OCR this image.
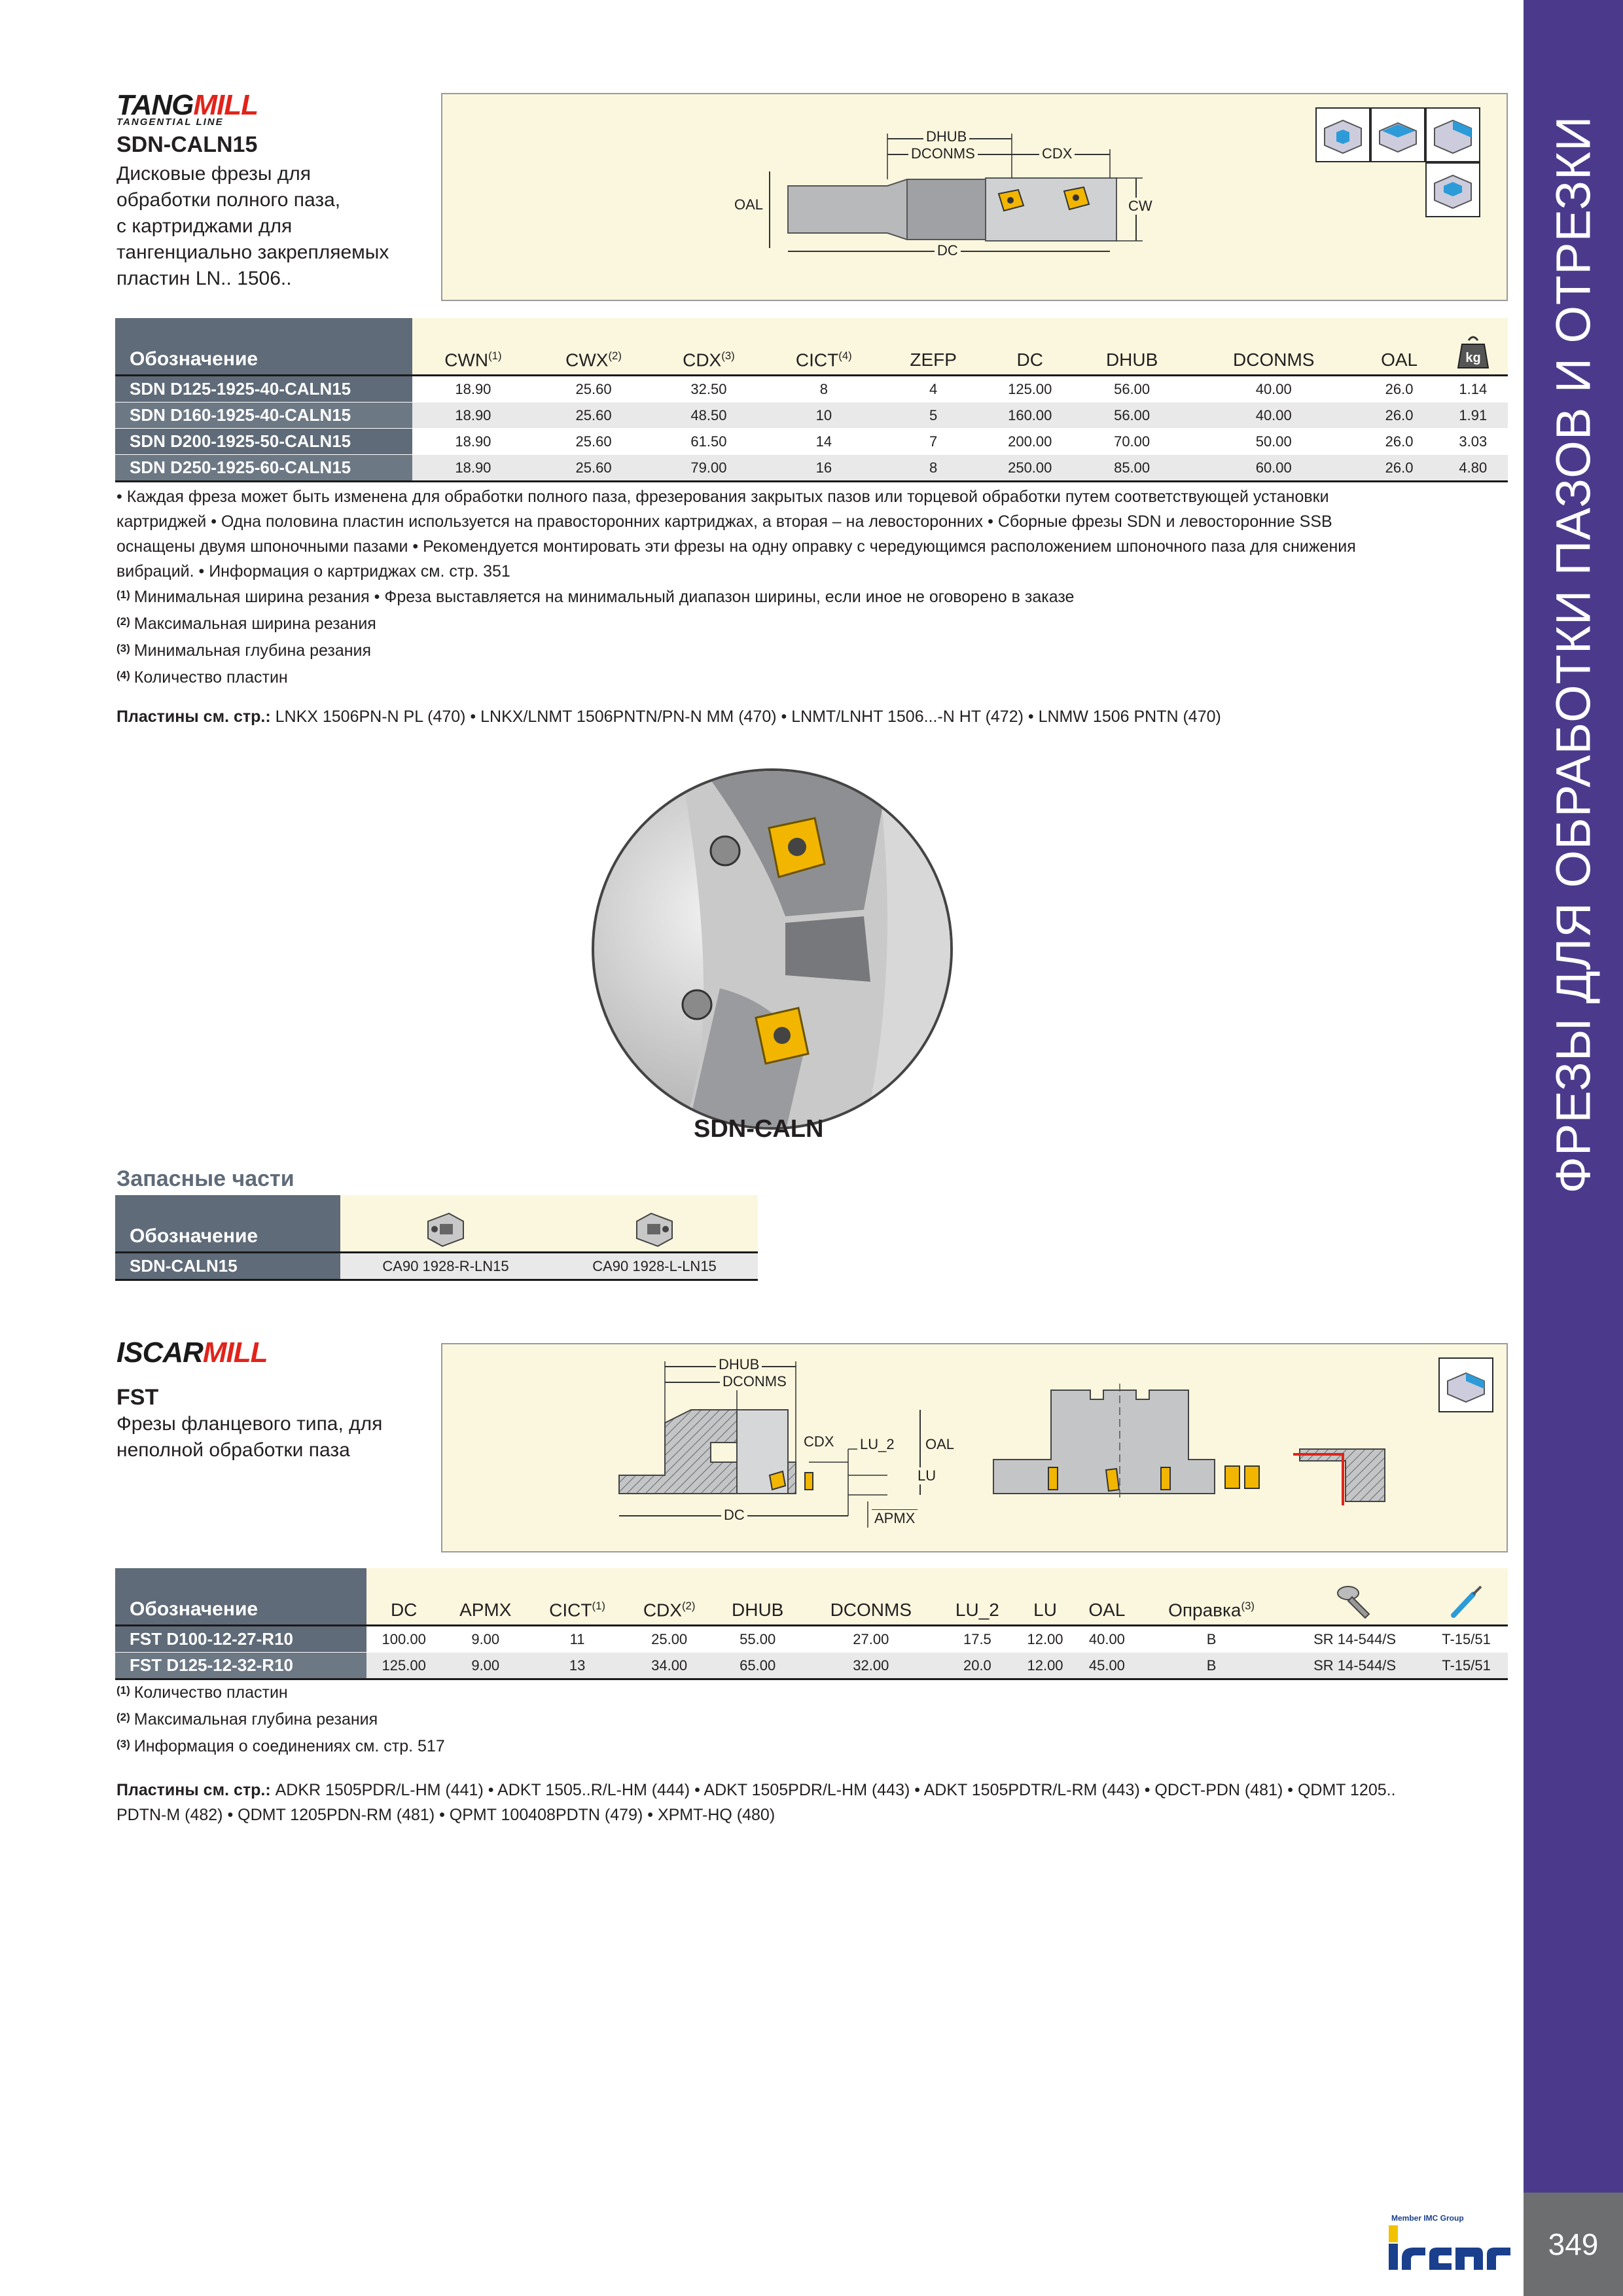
ФРЕЗЫ ДЛЯ ОБРАБОТКИ ПАЗОВ И ОТРЕЗКИ
349
Member IMC Group
TANGMILL
TANGENTIAL LINE
SDN-CALN15
Дисковые фрезы для
обработки полного паза,
с картриджами для
тангенциально закрепляемых
пластин LN.. 1506..
DHUB
DCONMS	CDX
OAL	CW
DC
Обозначение	CWN$^{(1)}$	CWX$^{(2)}$	CDX$^{(3)}$	CICT$^{(4)}$	ZEFP	DC	DHUB	DCONMS	OAL	kg

SDN D125-1925-40-CALN15	18.90	25.60	32.50	8	4	125.00	56.00	40.00	26.0	1.14
SDN D160-1925-40-CALN15	18.90	25.60	48.50	10	5	160.00	56.00	40.00	26.0	1.91
SDN D200-1925-50-CALN15	18.90	25.60	61.50	14	7	200.00	70.00	50.00	26.0	3.03
SDN D250-1925-60-CALN15	18.90	25.60	79.00	16	8	250.00	85.00	60.00	26.0	4.80
• Каждая фреза может быть изменена для обработки полного паза, фрезерования закрытых пазов или торцевой обработки путем соответствующей установки
картриджей • Одна половина пластин используется на правосторонних картриджах, а вторая – на левосторонних • Сборные фрезы SDN и левосторонние SSB
оснащены двумя шпоночными пазами • Рекомендуется монтировать эти фрезы на одну оправку с чередующимся расположением шпоночного паза для снижения
вибраций. • Информация о картриджах см. стр. 351
$^{(1)}$ Минимальная ширина резания • Фреза выставляется на минимальный диапазон ширины, если иное не оговорено в заказе
$^{(2)}$ Максимальная ширина резания
$^{(3)}$ Минимальная глубина резания
$^{(4)}$ Количество пластин
Пластины см. стр.: LNKX 1506PN-N PL (470) • LNKX/LNMT 1506PNTN/PN-N MM (470) • LNMT/LNHT 1506...-N HT (472) • LNMW 1506 PNTN (470)
SDN-CALN
Запасные части
Обозначение		
SDN-CALN15	CA90 1928-R-LN15	CA90 1928-L-LN15
ISCARMILL
FST
Фрезы фланцевого типа, для
неполной обработки паза
DHUB
DCONMS
CDX LU_2 OAL
LU
DC	APMX
Обозначение	DC	APMX	CICT$^{(1)}$	CDX$^{(2)}$	DHUB	DCONMS	LU_2	LU	OAL	Оправка$^{(3)}$		
FST D100-12-27-R10	100.00	9.00	11	25.00	55.00	27.00	17.5	12.00	40.00	B	SR 14-544/S	T-15/51
FST D125-12-32-R10	125.00	9.00	13	34.00	65.00	32.00	20.0	12.00	45.00	B	SR 14-544/S	T-15/51
$^{(1)}$ Количество пластин
$^{(2)}$ Максимальная глубина резания
$^{(3)}$ Информация о соединениях см. стр. 517
Пластины см. стр.: ADKR 1505PDR/L-HM (441) • ADKT 1505..R/L-HM (444) • ADKT 1505PDR/L-HM (443) • ADKT 1505PDTR/L-RM (443) • QDCT-PDN (481) • QDMT 1205..
PDTN-M (482) • QDMT 1205PDN-RM (481) • QPMT 100408PDTN (479) • XPMT-HQ (480)
